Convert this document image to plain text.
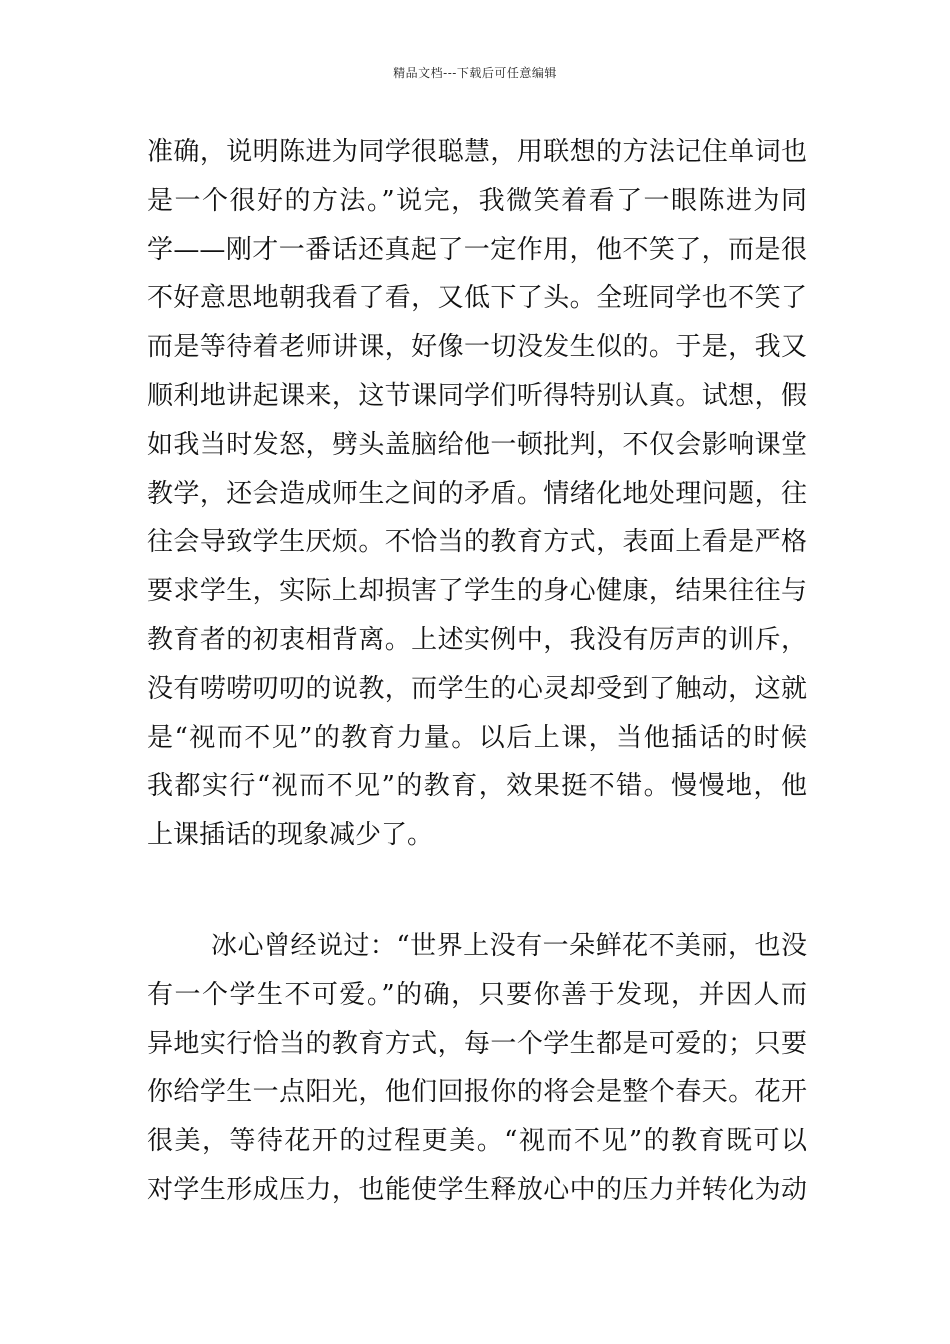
精品文档---下载后可任意编辑
准确，说明陈进为同学很聪慧，用联想的方法记住单词也
是一个很好的方法。”说完，我微笑着看了一眼陈进为同
学——刚才一番话还真起了一定作用，他不笑了，而是很
不好意思地朝我看了看，又低下了头。全班同学也不笑了
而是等待着老师讲课，好像一切没发生似的。于是，我又
顺利地讲起课来，这节课同学们听得特别认真。试想，假
如我当时发怒，劈头盖脑给他一顿批判，不仅会影响课堂
教学，还会造成师生之间的矛盾。情绪化地处理问题，往
往会导致学生厌烦。不恰当的教育方式，表面上看是严格
要求学生，实际上却损害了学生的身心健康，结果往往与
教育者的初衷相背离。上述实例中，我没有厉声的训斥，
没有唠唠叨叨的说教，而学生的心灵却受到了触动，这就
是“视而不见”的教育力量。以后上课，当他插话的时候
我都实行“视而不见”的教育，效果挺不错。慢慢地，他
上课插话的现象减少了。
冰心曾经说过：“世界上没有一朵鲜花不美丽，也没
有一个学生不可爱。”的确，只要你善于发现，并因人而
异地实行恰当的教育方式，每一个学生都是可爱的；只要
你给学生一点阳光，他们回报你的将会是整个春天。花开
很美，等待花开的过程更美。“视而不见”的教育既可以
对学生形成压力，也能使学生释放心中的压力并转化为动
